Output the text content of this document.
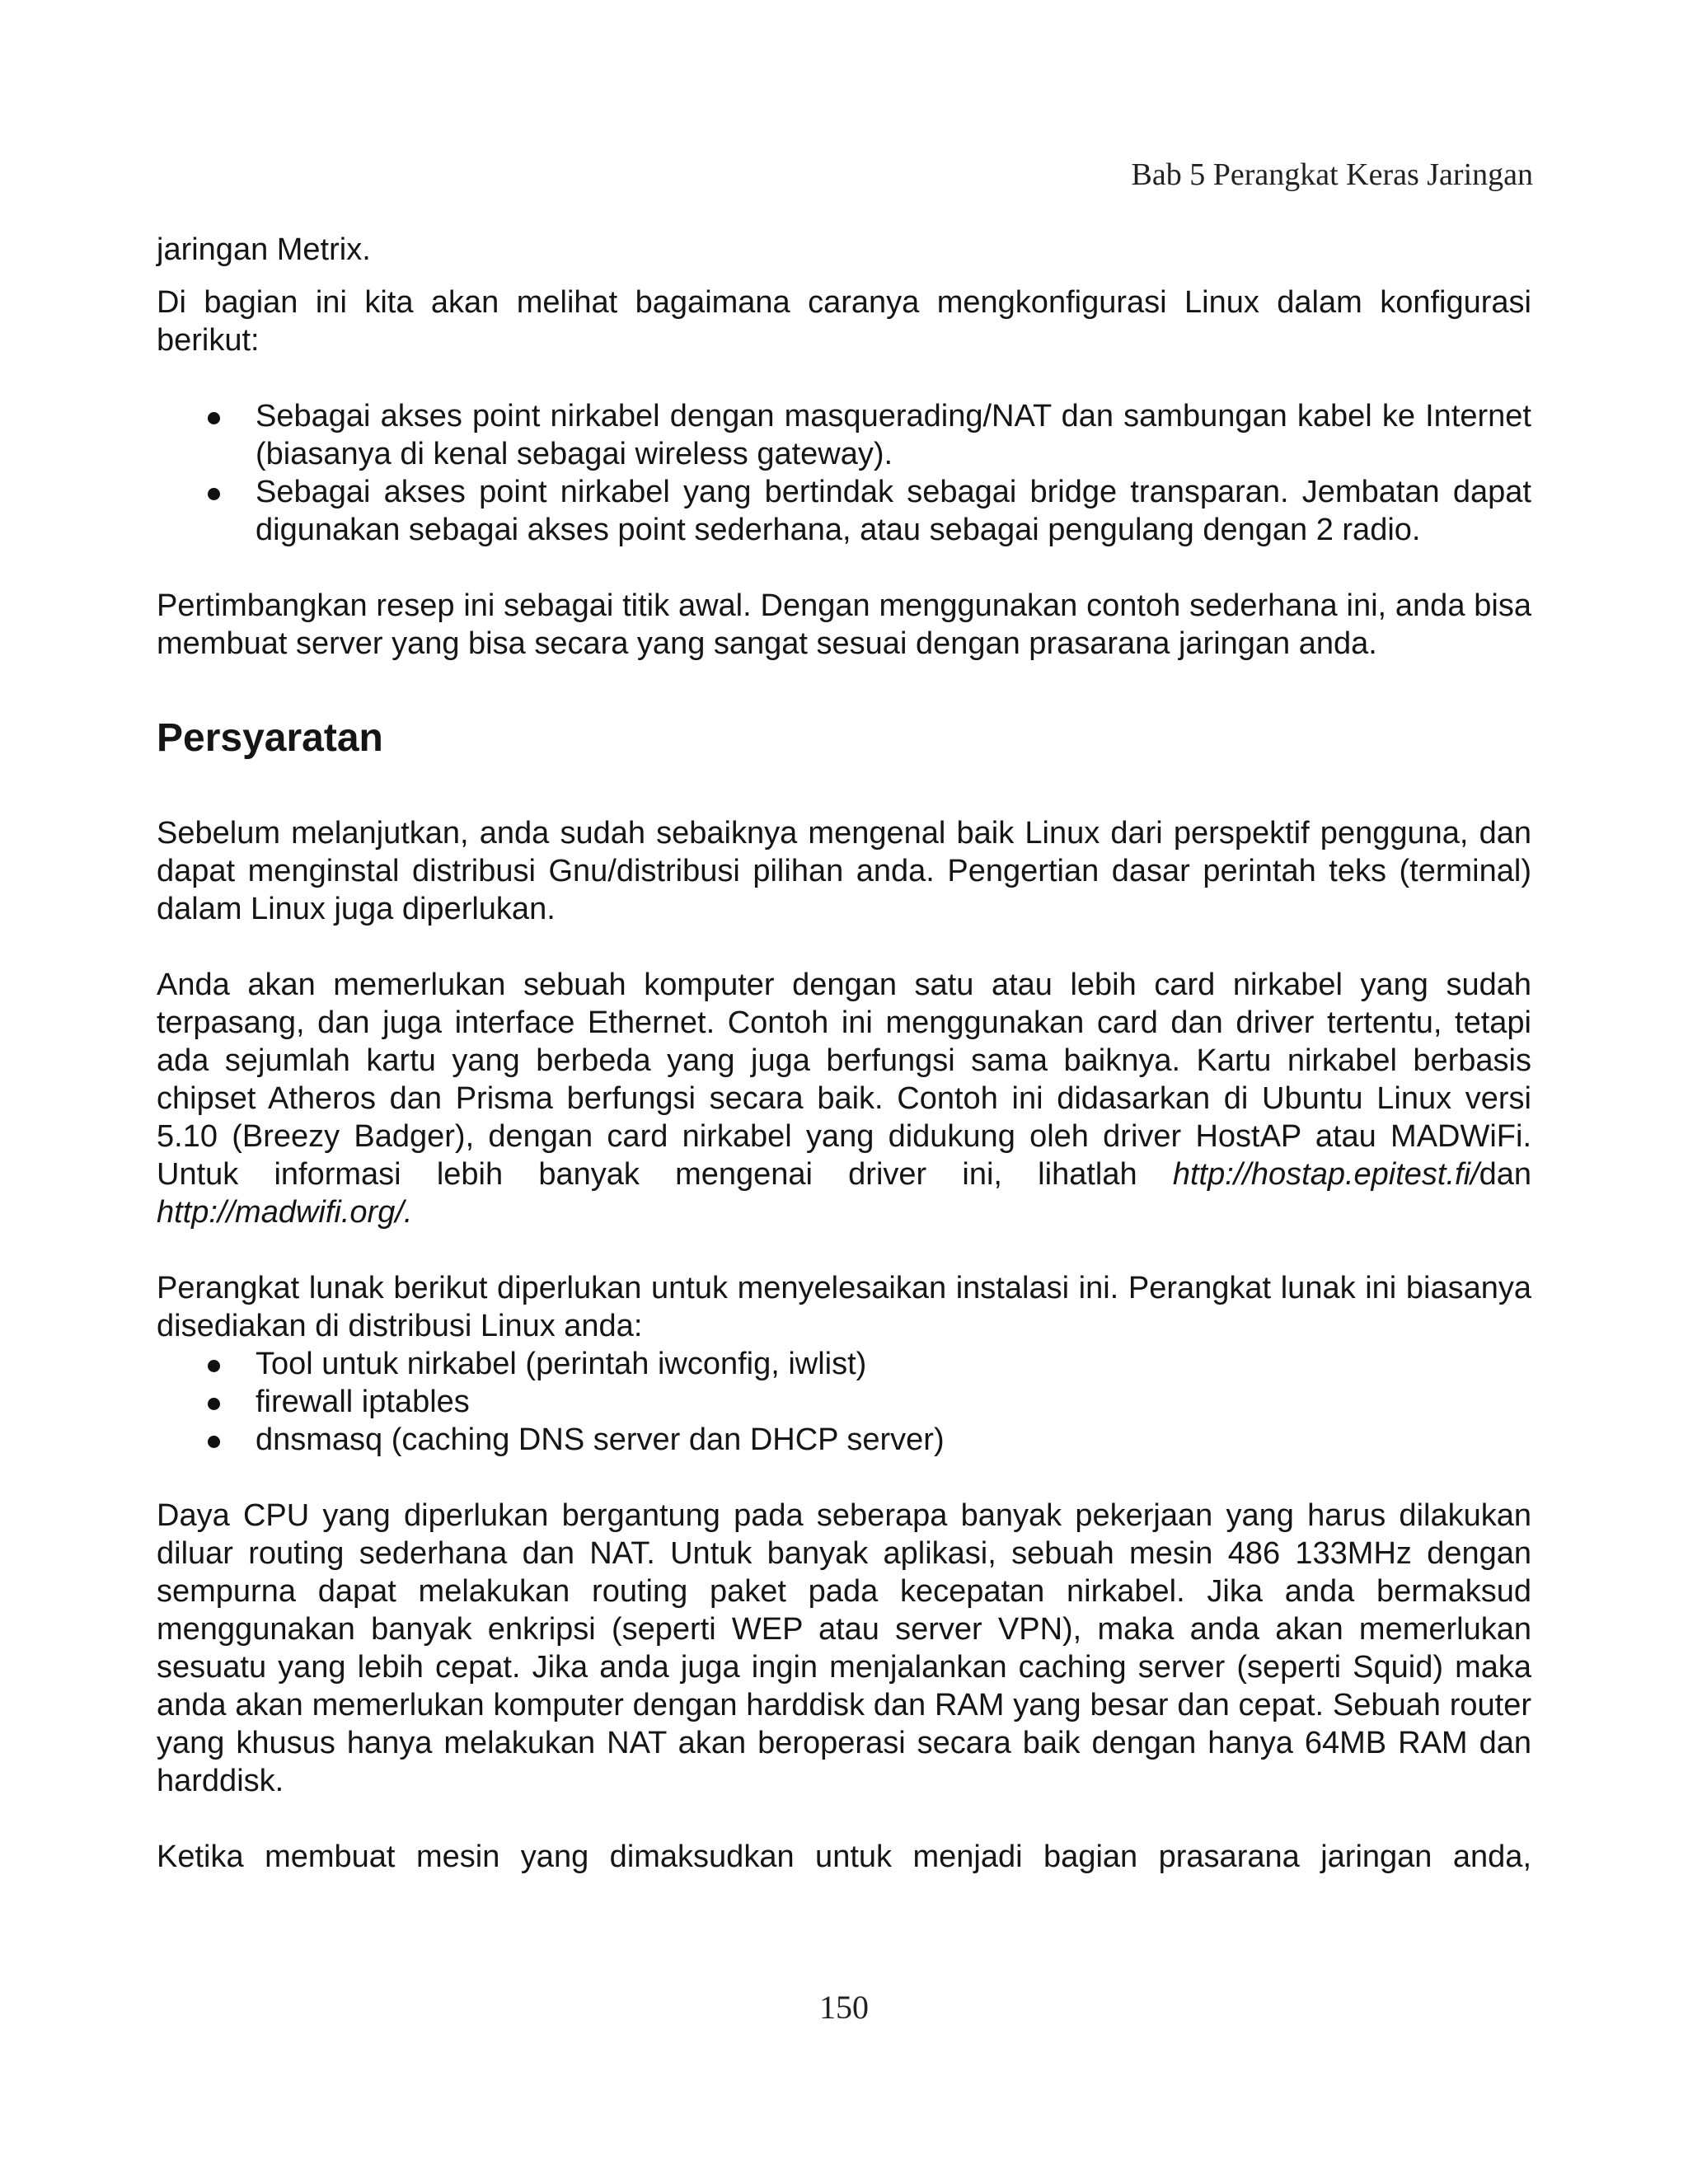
Bab 5 Perangkat Keras Jaringan

jaringan Metrix.

Di bagian ini kita akan melihat bagaimana caranya mengkonfigurasi Linux dalam konfigurasi berikut:

Sebagai akses point nirkabel dengan masquerading/NAT dan sambungan kabel ke Internet (biasanya di kenal sebagai wireless gateway).
Sebagai akses point nirkabel yang bertindak sebagai bridge transparan. Jembatan dapat digunakan sebagai akses point sederhana, atau sebagai pengulang dengan 2 radio.

Pertimbangkan resep ini sebagai titik awal. Dengan menggunakan contoh sederhana ini, anda bisa membuat server yang bisa secara yang sangat sesuai dengan prasarana jaringan anda.

Persyaratan

Sebelum melanjutkan, anda sudah sebaiknya mengenal baik Linux dari perspektif pengguna, dan dapat menginstal distribusi Gnu/distribusi pilihan anda. Pengertian dasar perintah teks (terminal) dalam Linux juga diperlukan.

Anda akan memerlukan sebuah komputer dengan satu atau lebih card nirkabel yang sudah terpasang, dan juga interface Ethernet. Contoh ini menggunakan card dan driver tertentu, tetapi ada sejumlah kartu yang berbeda yang juga berfungsi sama baiknya. Kartu nirkabel berbasis chipset Atheros dan Prisma berfungsi secara baik. Contoh ini didasarkan di Ubuntu Linux versi 5.10 (Breezy Badger), dengan card nirkabel yang didukung oleh driver HostAP atau MADWiFi. Untuk informasi lebih banyak mengenai driver ini, lihatlah http://hostap.epitest.fi/dan http://madwifi.org/.

Perangkat lunak berikut diperlukan untuk menyelesaikan instalasi ini. Perangkat lunak ini biasanya disediakan di distribusi Linux anda:

Tool untuk nirkabel (perintah iwconfig, iwlist)
firewall iptables
dnsmasq (caching DNS server dan DHCP server)

Daya CPU yang diperlukan bergantung pada seberapa banyak pekerjaan yang harus dilakukan diluar routing sederhana dan NAT. Untuk banyak aplikasi, sebuah mesin 486 133MHz dengan sempurna dapat melakukan routing paket pada kecepatan nirkabel. Jika anda bermaksud menggunakan banyak enkripsi (seperti WEP atau server VPN), maka anda akan memerlukan sesuatu yang lebih cepat. Jika anda juga ingin menjalankan caching server (seperti Squid) maka anda akan memerlukan komputer dengan harddisk dan RAM yang besar dan cepat. Sebuah router yang khusus hanya melakukan NAT akan beroperasi secara baik dengan hanya 64MB RAM dan harddisk.

Ketika membuat mesin yang dimaksudkan untuk menjadi bagian prasarana jaringan anda,

150
